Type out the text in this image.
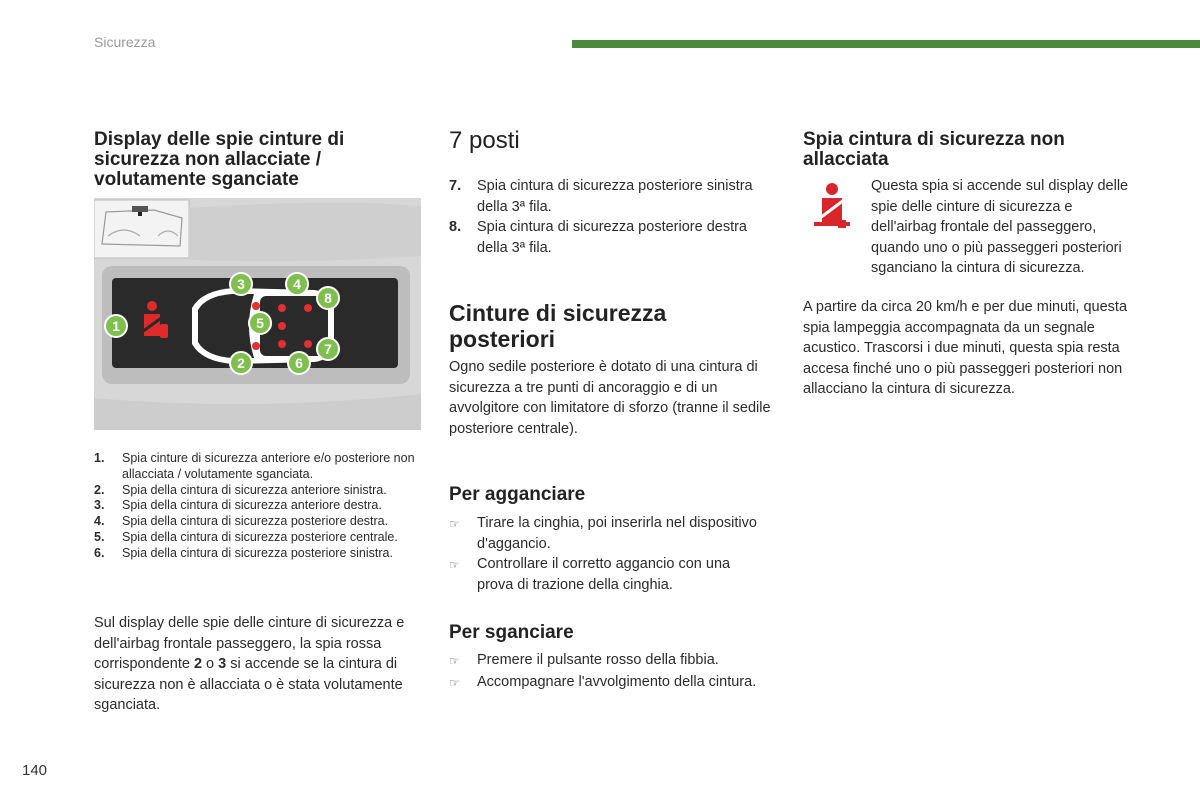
Sicurezza
Display delle spie cinture di sicurezza non allacciate / volutamente sganciate
1
2
3	4
5
6
7
8
1.	Spia cinture di sicurezza anteriore e/o posteriore non allacciata / volutamente sganciata.
2.	Spia della cintura di sicurezza anteriore sinistra.
3.	Spia della cintura di sicurezza anteriore destra.
4.	Spia della cintura di sicurezza posteriore destra.
5.	Spia della cintura di sicurezza posteriore centrale.
6.	Spia della cintura di sicurezza posteriore sinistra.
Sul display delle spie delle cinture di sicurezza e dell'airbag frontale passeggero, la spia rossa corrispondente 2 o 3 si accende se la cintura di sicurezza non è allacciata o è stata volutamente sganciata.
7 posti
7.	Spia cintura di sicurezza posteriore sinistra della 3ª fila.
8.	Spia cintura di sicurezza posteriore destra della 3ª fila.
Cinture di sicurezza posteriori
Ogno sedile posteriore è dotato di una cintura di sicurezza a tre punti di ancoraggio e di un avvolgitore con limitatore di sforzo (tranne il sedile posteriore centrale).
Per agganciare
☞	Tirare la cinghia, poi inserirla nel dispositivo d'aggancio.
☞	Controllare il corretto aggancio con una prova di trazione della cinghia.
Per sganciare
☞	Premere il pulsante rosso della fibbia.
☞	Accompagnare l'avvolgimento della cintura.
Spia cintura di sicurezza non allacciata
Questa spia si accende sul display delle spie delle cinture di sicurezza e dell'airbag frontale del passeggero, quando uno o più passeggeri posteriori sganciano la cintura di sicurezza.
A partire da circa 20 km/h e per due minuti, questa spia lampeggia accompagnata da un segnale acustico. Trascorsi i due minuti, questa spia resta accesa finché uno o più passeggeri posteriori non allacciano la cintura di sicurezza.
140
